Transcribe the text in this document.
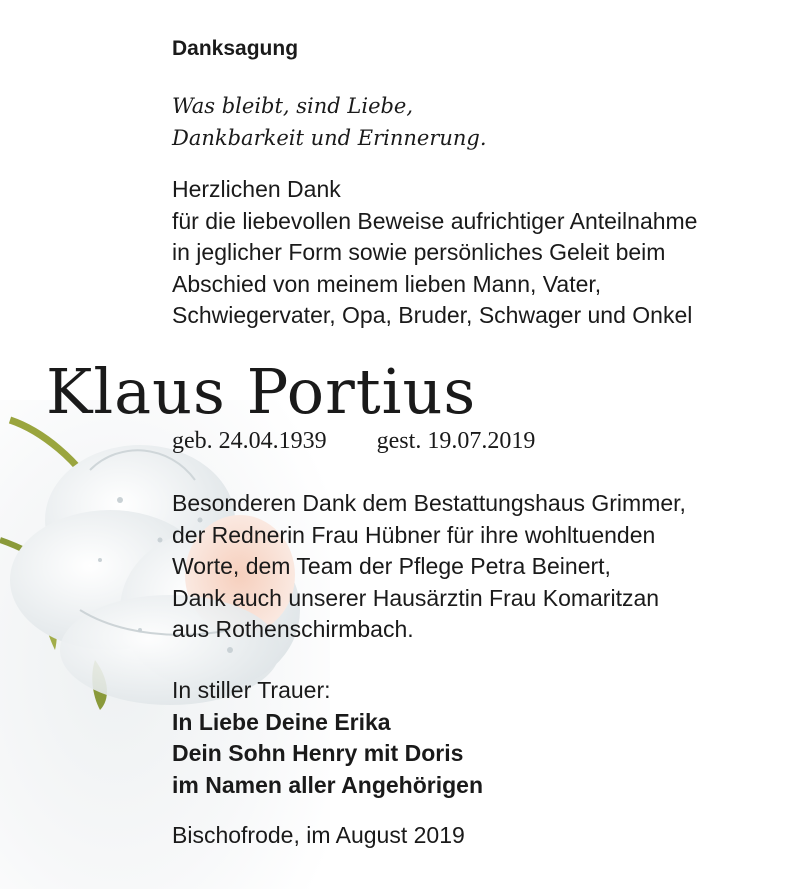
Danksagung
Was bleibt, sind Liebe,
Dankbarkeit und Erinnerung.
Herzlichen Dank
für die liebevollen Beweise aufrichtiger Anteilnahme
in jeglicher Form sowie persönliches Geleit beim
Abschied von meinem lieben Mann, Vater,
Schwiegervater, Opa, Bruder, Schwager und Onkel
Klaus Portius
geb. 24.04.1939 gest. 19.07.2019
Besonderen Dank dem Bestattungshaus Grimmer,
der Rednerin Frau Hübner für ihre wohltuenden
Worte, dem Team der Pflege Petra Beinert,
Dank auch unserer Hausärztin Frau Komaritzan
aus Rothenschirmbach.
In stiller Trauer:
In Liebe Deine Erika
Dein Sohn Henry mit Doris
im Namen aller Angehörigen
Bischofrode, im August 2019
